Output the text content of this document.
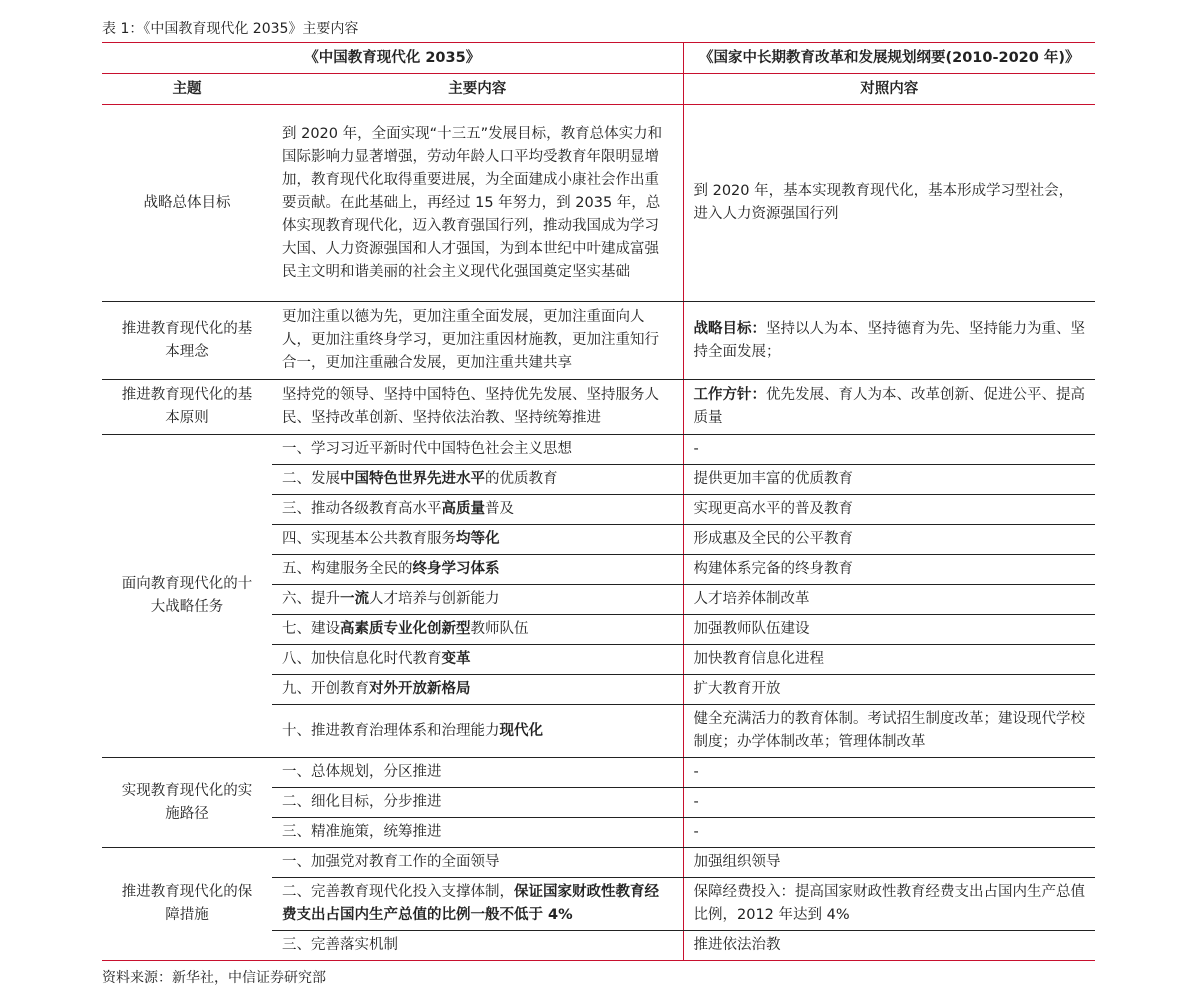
表 1：《中国教育现代化 2035》主要内容
《中国教育现代化 2035》		《国家中长期教育改革和发展规划纲要(2010-2020 年)》
主题	主要内容	对照内容
战略总体目标	到 2020 年，全面实现“十三五”发展目标，教育总体实力和国际影响力显著增强，劳动年龄人口平均受教育年限明显增加，教育现代化取得重要进展，为全面建成小康社会作出重要贡献。在此基础上，再经过 15 年努力，到 2035 年，总体实现教育现代化，迈入教育强国行列，推动我国成为学习大国、人力资源强国和人才强国，为到本世纪中叶建成富强民主文明和谐美丽的社会主义现代化强国奠定坚实基础	到 2020 年，基本实现教育现代化，基本形成学习型社会，进入人力资源强国行列
推进教育现代化的基本理念	更加注重以德为先，更加注重全面发展，更加注重面向人人，更加注重终身学习，更加注重因材施教，更加注重知行合一，更加注重融合发展，更加注重共建共享	战略目标：坚持以人为本、坚持德育为先、坚持能力为重、坚持全面发展；
推进教育现代化的基本原则	坚持党的领导、坚持中国特色、坚持优先发展、坚持服务人民、坚持改革创新、坚持依法治教、坚持统筹推进	工作方针：优先发展、育人为本、改革创新、促进公平、提高质量
面向教育现代化的十大战略任务	一、学习习近平新时代中国特色社会主义思想	-
	二、发展中国特色世界先进水平的优质教育	提供更加丰富的优质教育
	三、推动各级教育高水平高质量普及	实现更高水平的普及教育
	四、实现基本公共教育服务均等化	形成惠及全民的公平教育
	五、构建服务全民的终身学习体系	构建体系完备的终身教育
	六、提升一流人才培养与创新能力	人才培养体制改革
	七、建设高素质专业化创新型教师队伍	加强教师队伍建设
	八、加快信息化时代教育变革	加快教育信息化进程
	九、开创教育对外开放新格局	扩大教育开放
	十、推进教育治理体系和治理能力现代化	健全充满活力的教育体制。考试招生制度改革；建设现代学校制度；办学体制改革；管理体制改革
实现教育现代化的实施路径	一、总体规划，分区推进	-
	二、细化目标，分步推进	-
	三、精准施策，统筹推进	-
推进教育现代化的保障措施	一、加强党对教育工作的全面领导	加强组织领导
	二、完善教育现代化投入支撑体制，保证国家财政性教育经费支出占国内生产总值的比例一般不低于 4%	保障经费投入：提高国家财政性教育经费支出占国内生产总值比例，2012 年达到 4%
	三、完善落实机制	推进依法治教
资料来源：新华社，中信证券研究部
